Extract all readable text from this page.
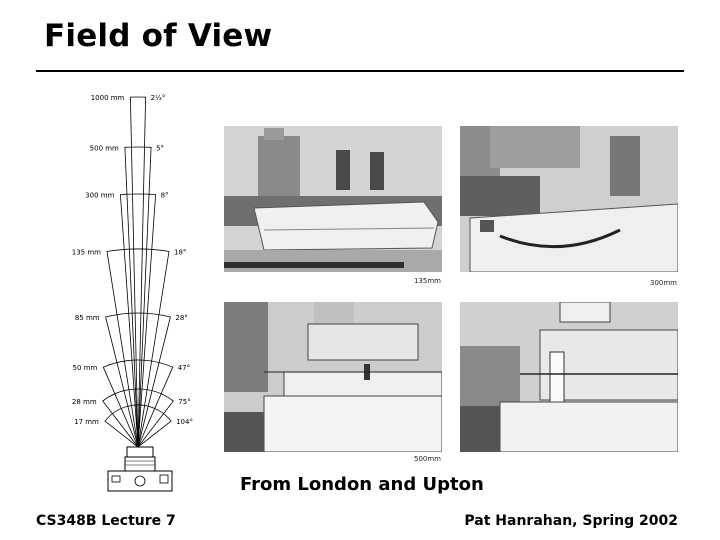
Field of View
1000 mm	2½°
500 mm	5°
300 mm	8°
135 mm	18°
85 mm	28°
50 mm	47°
28 mm	75°
17 mm	104°
135mm	300mm
500mm
From London and Upton
CS348B Lecture 7	Pat Hanrahan, Spring 2002
